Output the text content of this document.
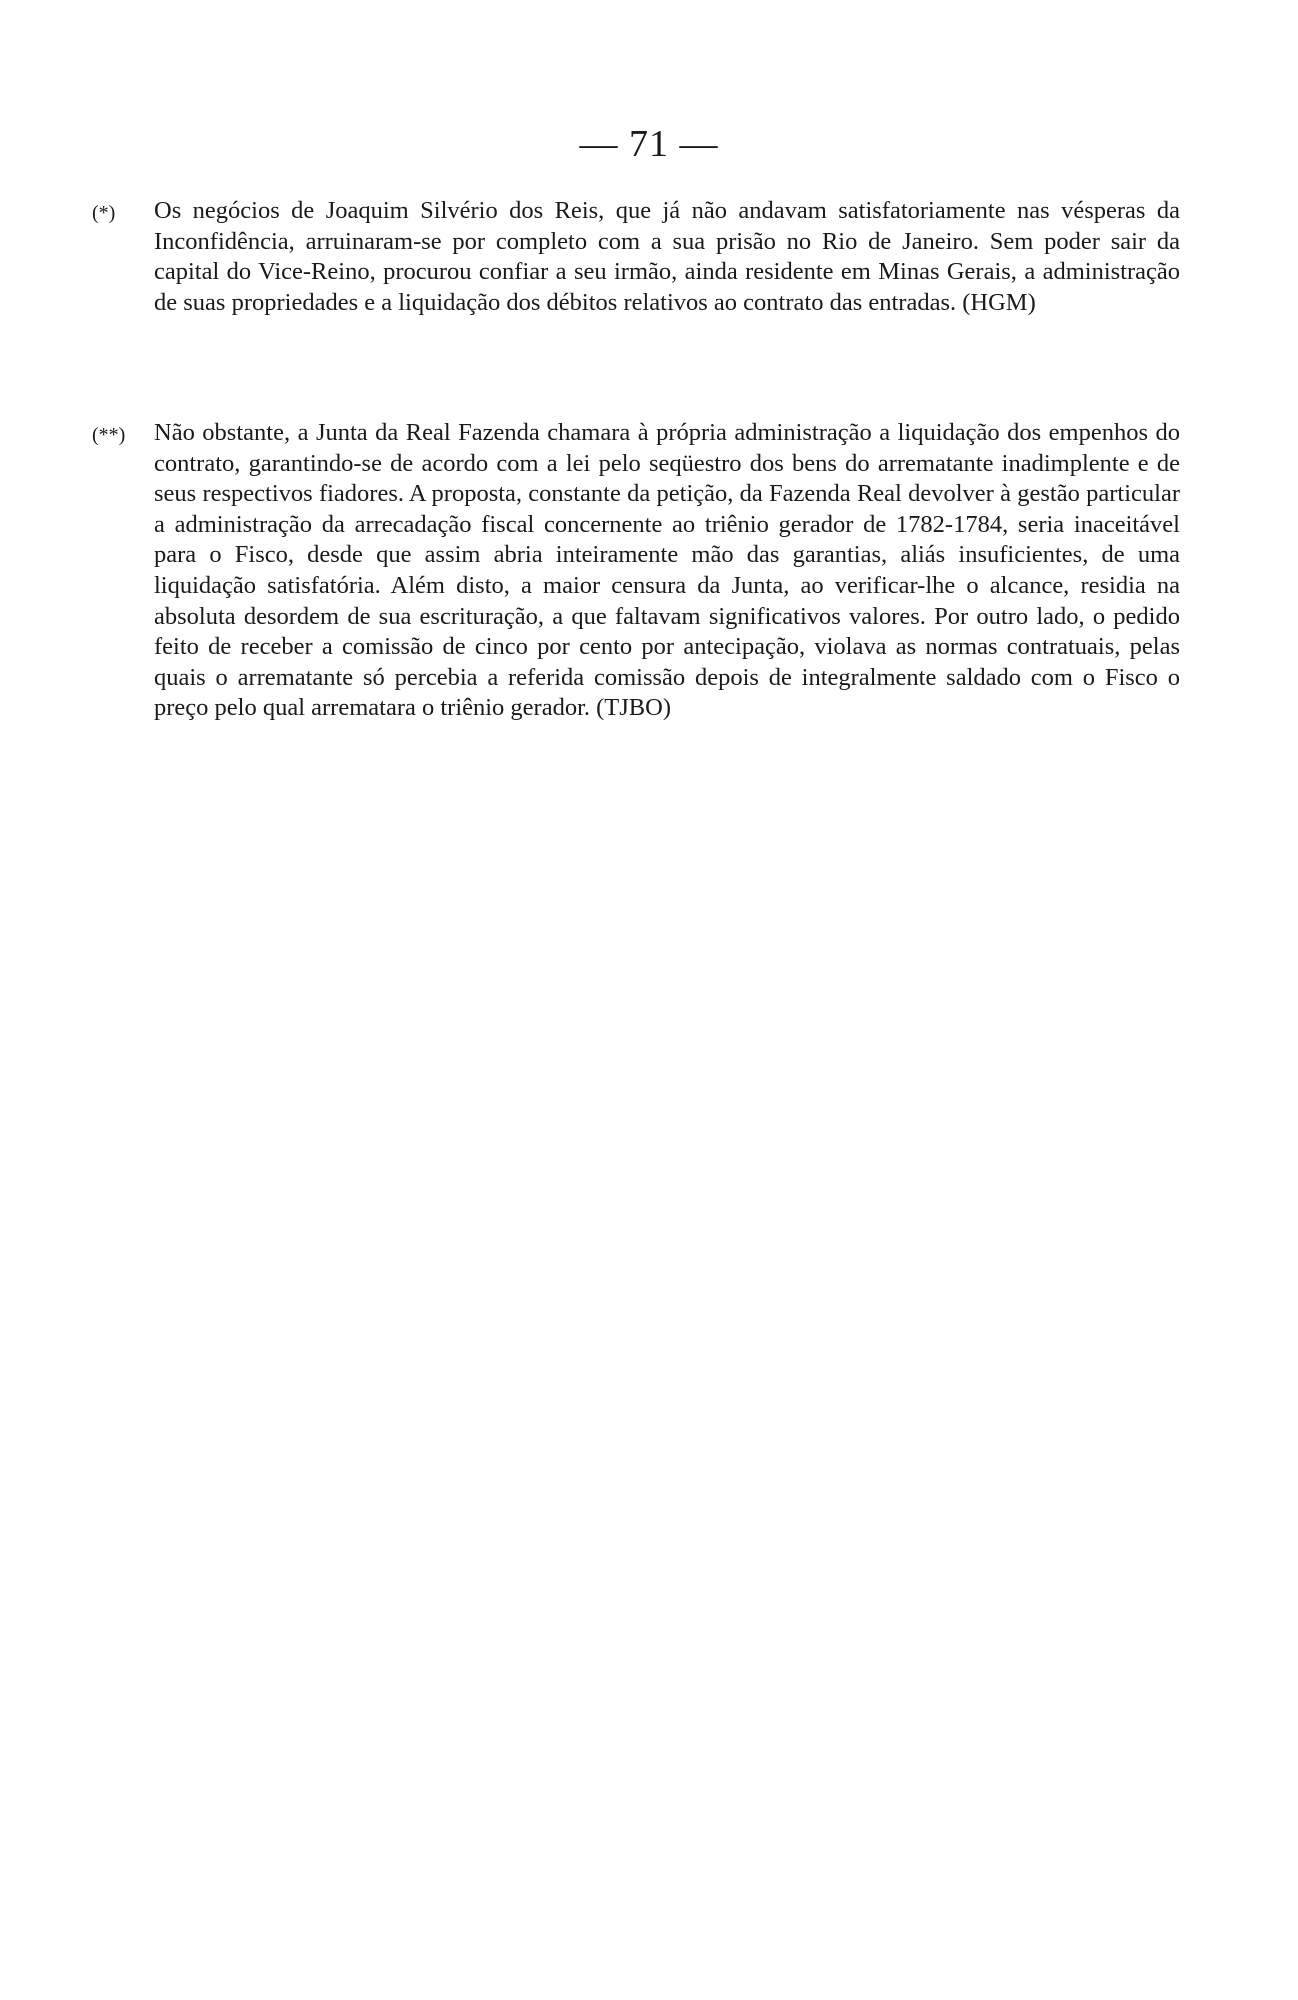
— 71 —
(*)	Os negócios de Joaquim Silvério dos Reis, que já não andavam satisfatoriamente nas vésperas da Inconfidência, arruinaram-se por completo com a sua prisão no Rio de Janeiro. Sem poder sair da capital do Vice-Reino, procurou confiar a seu irmão, ainda residente em Minas Gerais, a administração de suas propriedades e a liquidação dos débitos relativos ao contrato das entradas. (HGM)

(**)	Não obstante, a Junta da Real Fazenda chamara à própria administração a liquidação dos empenhos do contrato, garantindo-se de acordo com a lei pelo seqüestro dos bens do arrematante inadimplente e de seus respectivos fiadores. A proposta, constante da petição, da Fazenda Real devolver à gestão particular a administração da arrecadação fiscal concernente ao triênio gerador de 1782-1784, seria inaceitável para o Fisco, desde que assim abria inteiramente mão das garantias, aliás insuficientes, de uma liquidação satisfatória. Além disto, a maior censura da Junta, ao verificar-lhe o alcance, residia na absoluta desordem de sua escrituração, a que faltavam significativos valores. Por outro lado, o pedido feito de receber a comissão de cinco por cento por antecipação, violava as normas contratuais, pelas quais o arrematante só percebia a referida comissão depois de integralmente saldado com o Fisco o preço pelo qual arrematara o triênio gerador. (TJBO)
